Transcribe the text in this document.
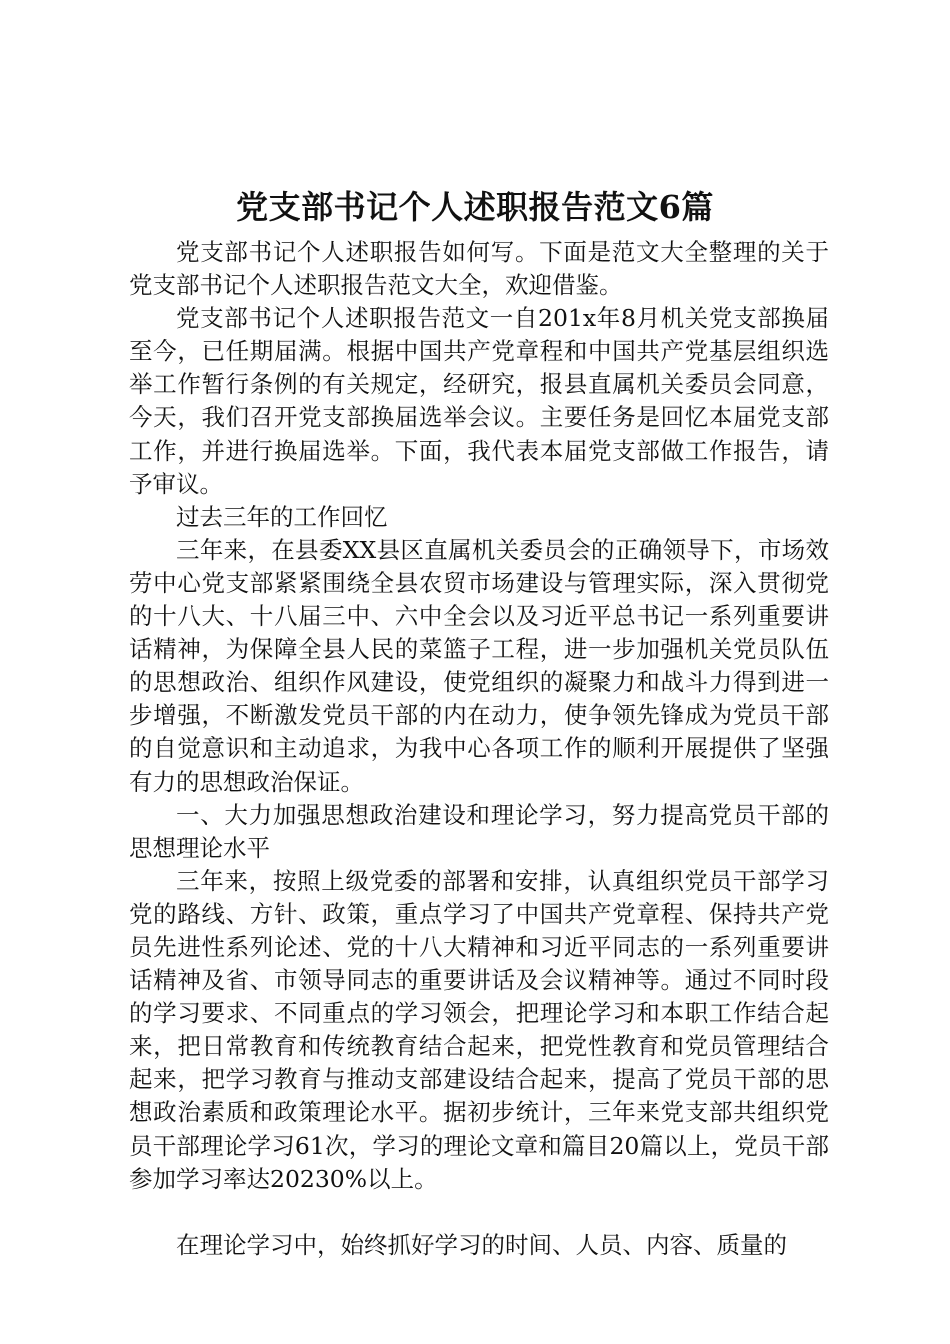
党支部书记个人述职报告范文6篇

党支部书记个人述职报告如何写。下面是范文大全整理的关于党支部书记个人述职报告范文大全，欢迎借鉴。

党支部书记个人述职报告范文一自201x年8月机关党支部换届至今，已任期届满。根据中国共产党章程和中国共产党基层组织选举工作暂行条例的有关规定，经研究，报县直属机关委员会同意，今天，我们召开党支部换届选举会议。主要任务是回忆本届党支部工作，并进行换届选举。下面，我代表本届党支部做工作报告，请予审议。

过去三年的工作回忆

三年来，在县委XX县区直属机关委员会的正确领导下，市场效劳中心党支部紧紧围绕全县农贸市场建设与管理实际，深入贯彻党的十八大、十八届三中、六中全会以及习近平总书记一系列重要讲话精神，为保障全县人民的菜篮子工程，进一步加强机关党员队伍的思想政治、组织作风建设，使党组织的凝聚力和战斗力得到进一步增强，不断激发党员干部的内在动力，使争领先锋成为党员干部的自觉意识和主动追求，为我中心各项工作的顺利开展提供了坚强有力的思想政治保证。

一、大力加强思想政治建设和理论学习，努力提高党员干部的思想理论水平

三年来，按照上级党委的部署和安排，认真组织党员干部学习党的路线、方针、政策，重点学习了中国共产党章程、保持共产党员先进性系列论述、党的十八大精神和习近平同志的一系列重要讲话精神及省、市领导同志的重要讲话及会议精神等。通过不同时段的学习要求、不同重点的学习领会，把理论学习和本职工作结合起来，把日常教育和传统教育结合起来，把党性教育和党员管理结合起来，把学习教育与推动支部建设结合起来，提高了党员干部的思想政治素质和政策理论水平。据初步统计，三年来党支部共组织党员干部理论学习61次，学习的理论文章和篇目20篇以上，党员干部参加学习率达20230%以上。

在理论学习中，始终抓好学习的时间、人员、内容、质量的
